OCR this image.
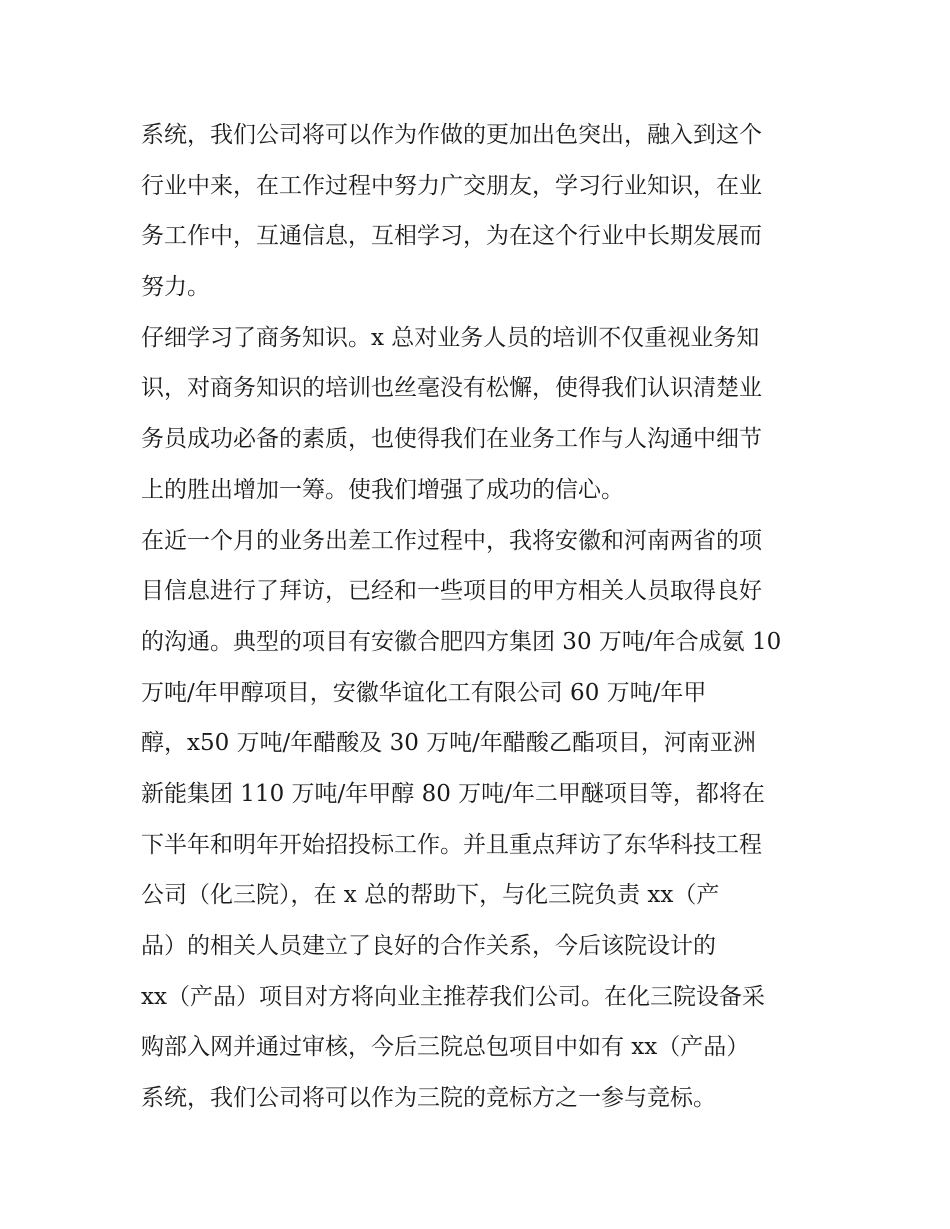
系统，我们公司将可以作为作做的更加出色突出，融入到这个
行业中来，在工作过程中努力广交朋友，学习行业知识，在业
务工作中，互通信息，互相学习，为在这个行业中长期发展而
努力。
仔细学习了商务知识。x 总对业务人员的培训不仅重视业务知
识，对商务知识的培训也丝毫没有松懈，使得我们认识清楚业
务员成功必备的素质，也使得我们在业务工作与人沟通中细节
上的胜出增加一筹。使我们增强了成功的信心。
在近一个月的业务出差工作过程中，我将安徽和河南两省的项
目信息进行了拜访，已经和一些项目的甲方相关人员取得良好
的沟通。典型的项目有安徽合肥四方集团 30 万吨/年合成氨 10
万吨/年甲醇项目，安徽华谊化工有限公司 60 万吨/年甲
醇，x50 万吨/年醋酸及 30 万吨/年醋酸乙酯项目，河南亚洲
新能集团 110 万吨/年甲醇 80 万吨/年二甲醚项目等，都将在
下半年和明年开始招投标工作。并且重点拜访了东华科技工程
公司（化三院），在 x 总的帮助下，与化三院负责 xx（产
品）的相关人员建立了良好的合作关系，今后该院设计的
xx（产品）项目对方将向业主推荐我们公司。在化三院设备采
购部入网并通过审核，今后三院总包项目中如有 xx（产品）
系统，我们公司将可以作为三院的竞标方之一参与竞标。
